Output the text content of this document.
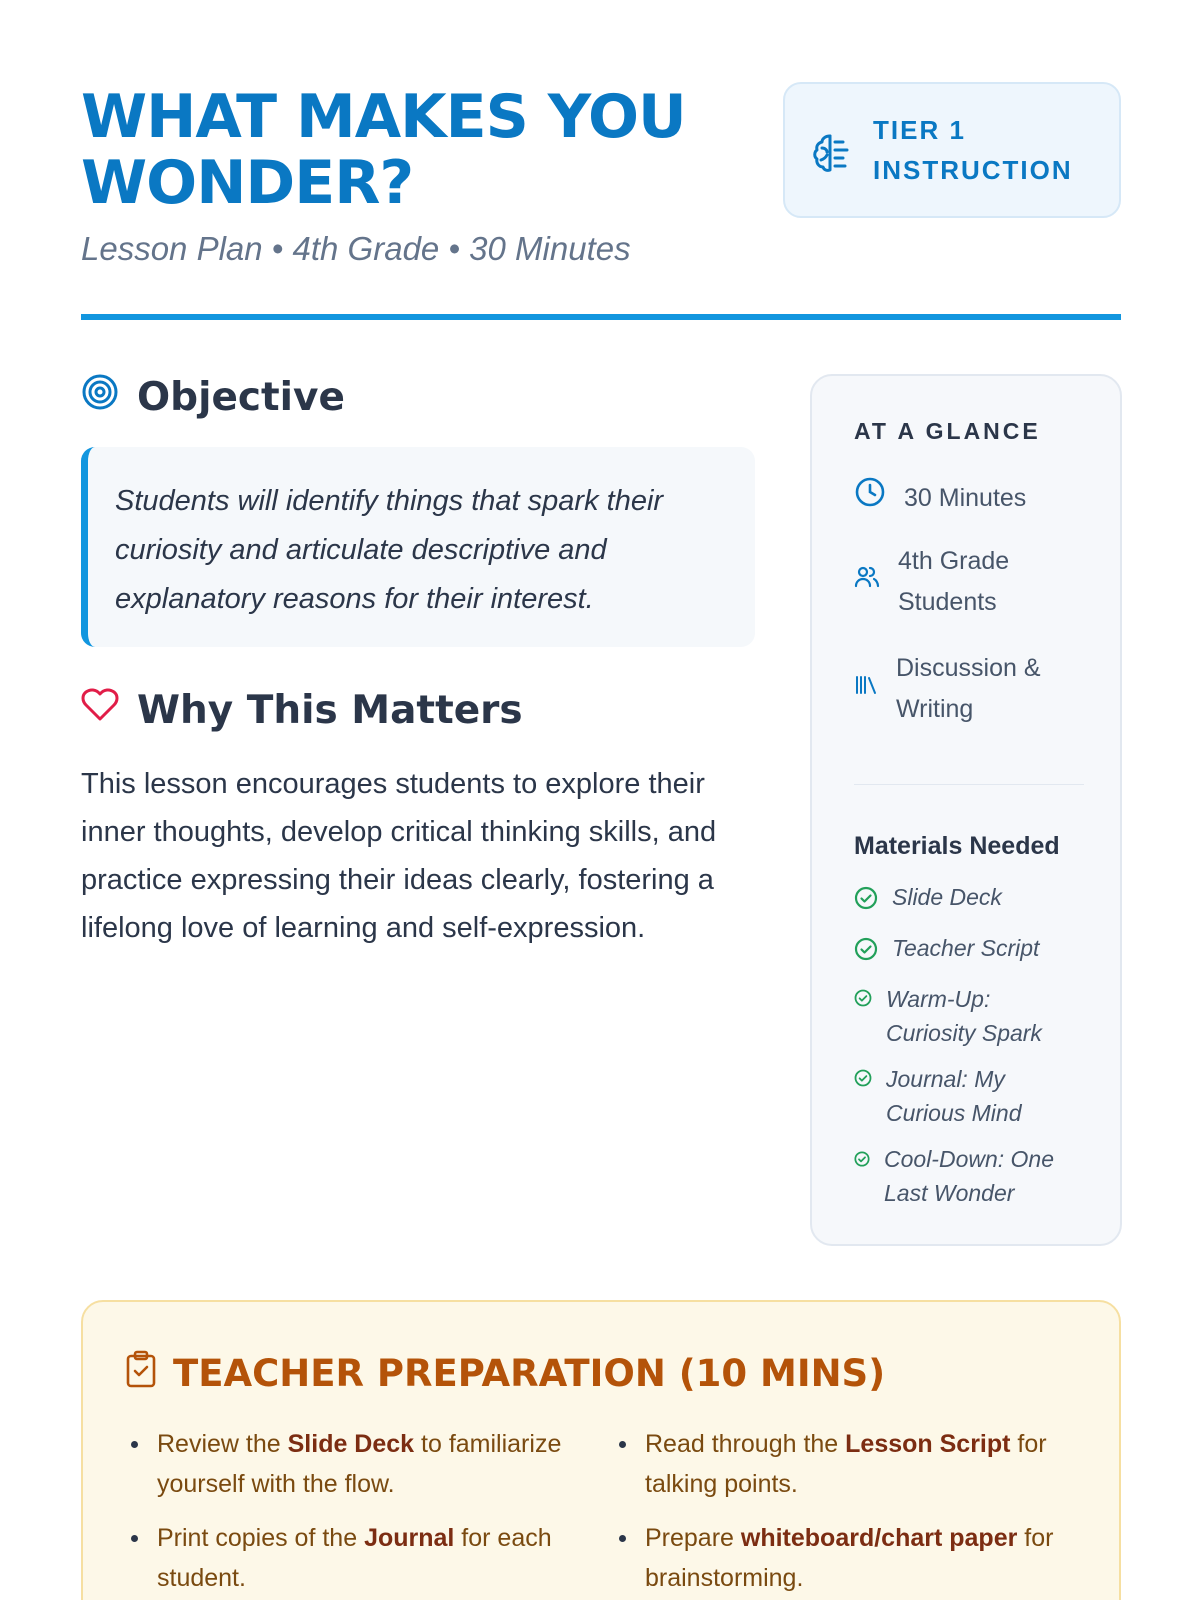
WHAT MAKES YOU WONDER?
Lesson Plan • 4th Grade • 30 Minutes
TIER 1
INSTRUCTION
Objective
Students will identify things that spark their curiosity and articulate descriptive and explanatory reasons for their interest.
Why This Matters

This lesson encourages students to explore their inner thoughts, develop critical thinking skills, and practice expressing their ideas clearly, fostering a lifelong love of learning and self-expression.

AT A GLANCE
30 Minutes
4th Grade
Students
Discussion &
Writing
Materials Needed
Slide Deck
Teacher Script
Warm-Up:
Curiosity Spark
Journal: My
Curious Mind
Cool-Down: One
Last Wonder
TEACHER PREPARATION (10 MINS)
Review the Slide Deck to familiarize yourself with the flow.
Print copies of the Journal for each student.
Read through the Lesson Script for talking points.
Prepare whiteboard/chart paper for brainstorming.
